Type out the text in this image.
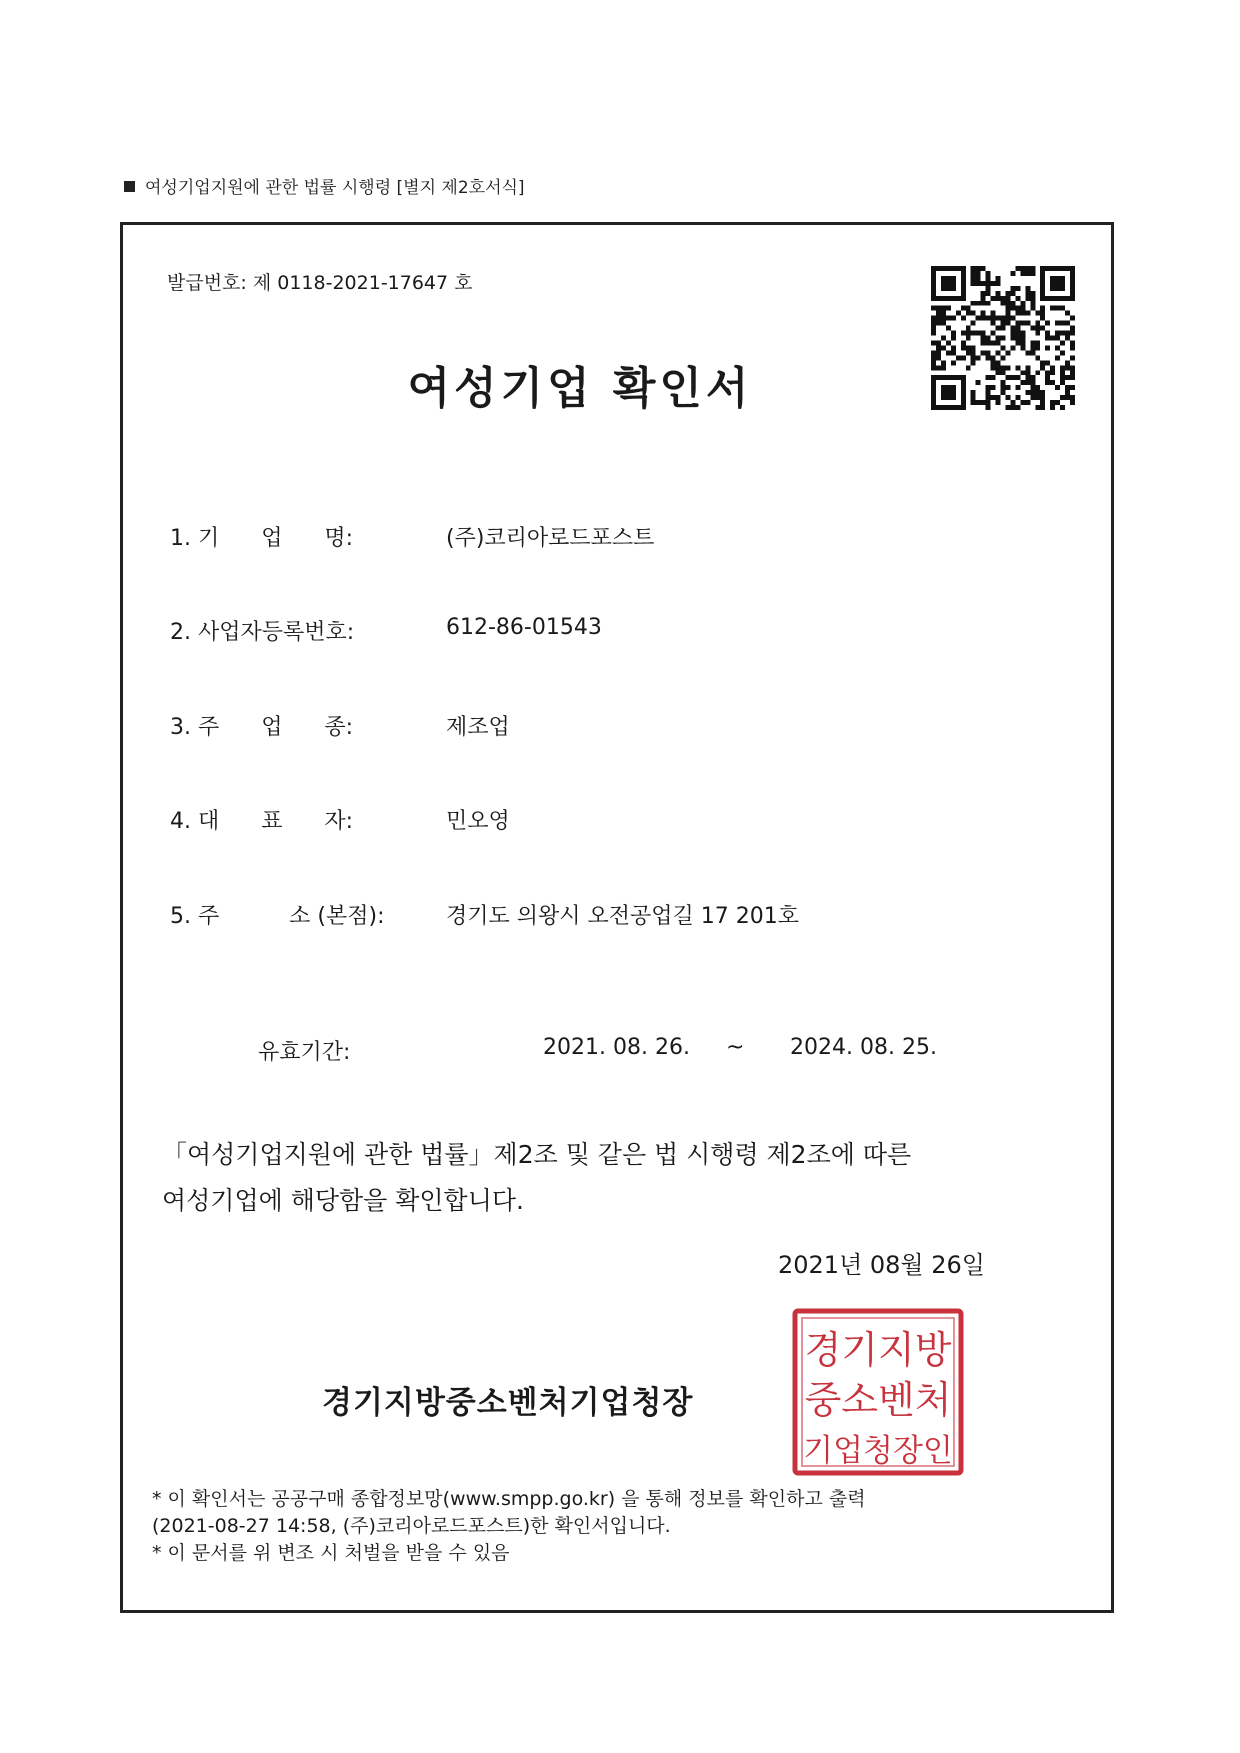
여성기업지원에 관한 법률 시행령 [별지 제2호서식]
발급번호: 제 0118-2021-17647 호
여성기업 확인서
1. 기      업      명:	(주)코리아로드포스트
2. 사업자등록번호:	612-86-01543
3. 주      업      종:	제조업
4. 대      표      자:	민오영
5. 주          소 (본점):	경기도 의왕시 오전공업길 17 201호
유효기간:	2021. 08. 26. ~ 2024. 08. 25.
「여성기업지원에 관한 법률」제2조 및 같은 법 시행령 제2조에 따른
여성기업에 해당함을 확인합니다.
2021년 08월 26일
경기지방중소벤처기업청장
경기지방
중소벤처
기업청장인
* 이 확인서는 공공구매 종합정보망(www.smpp.go.kr) 을 통해 정보를 확인하고 출력
(2021-08-27 14:58, (주)코리아로드포스트)한 확인서입니다.
* 이 문서를 위 변조 시 처벌을 받을 수 있음
